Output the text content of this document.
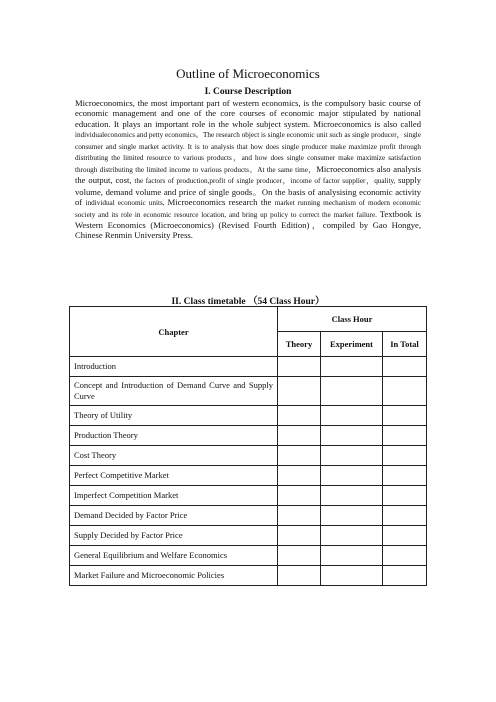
Outline of Microeconomics
I. Course Description
Microeconomics, the most important part of western economics, is the compulsory basic course of economic management and one of the core courses of economic major stipulated by national education. It plays an important role in the whole subject system. Microeconomics is also called individualeconomics and petty economics。The research object is single economic unit such as single producer，single consumer and single market activity. It is to analysis that how does single producer make maximize profit through distributing the limited resource to various products，and how does single consumer make maximize satisfaction through distributing the limited income to various products。At the same time，Microeconomics also analysis the output, cost, the factors of production,profit of single producer，income of factor supplier，quality, supply volume, demand volume and price of single goods。On the basis of analysising economic activity of individual economic units, Microeconomics research the market running mechanism of modern economic society and its role in economic resource location, and bring up policy to correct the market failure. Textbook is Western Economics (Microeconomics) (Revised Fourth Edition)，compiled by Gao Hongye, Chinese Renmin University Press.
II. Class timetable （54 Class Hour）
Chapter	Class Hour		
	Theory	Experiment	In Total
Introduction			
Concept and Introduction of Demand Curve and Supply Curve			
Theory of Utility			
Production Theory			
Cost Theory			
Perfect Competitive Market			
Imperfect Competition Market			
Demand Decided by Factor Price			
Supply Decided by Factor Price			
General Equilibrium and Welfare Economics			
Market Failure and Microeconomic Policies			
